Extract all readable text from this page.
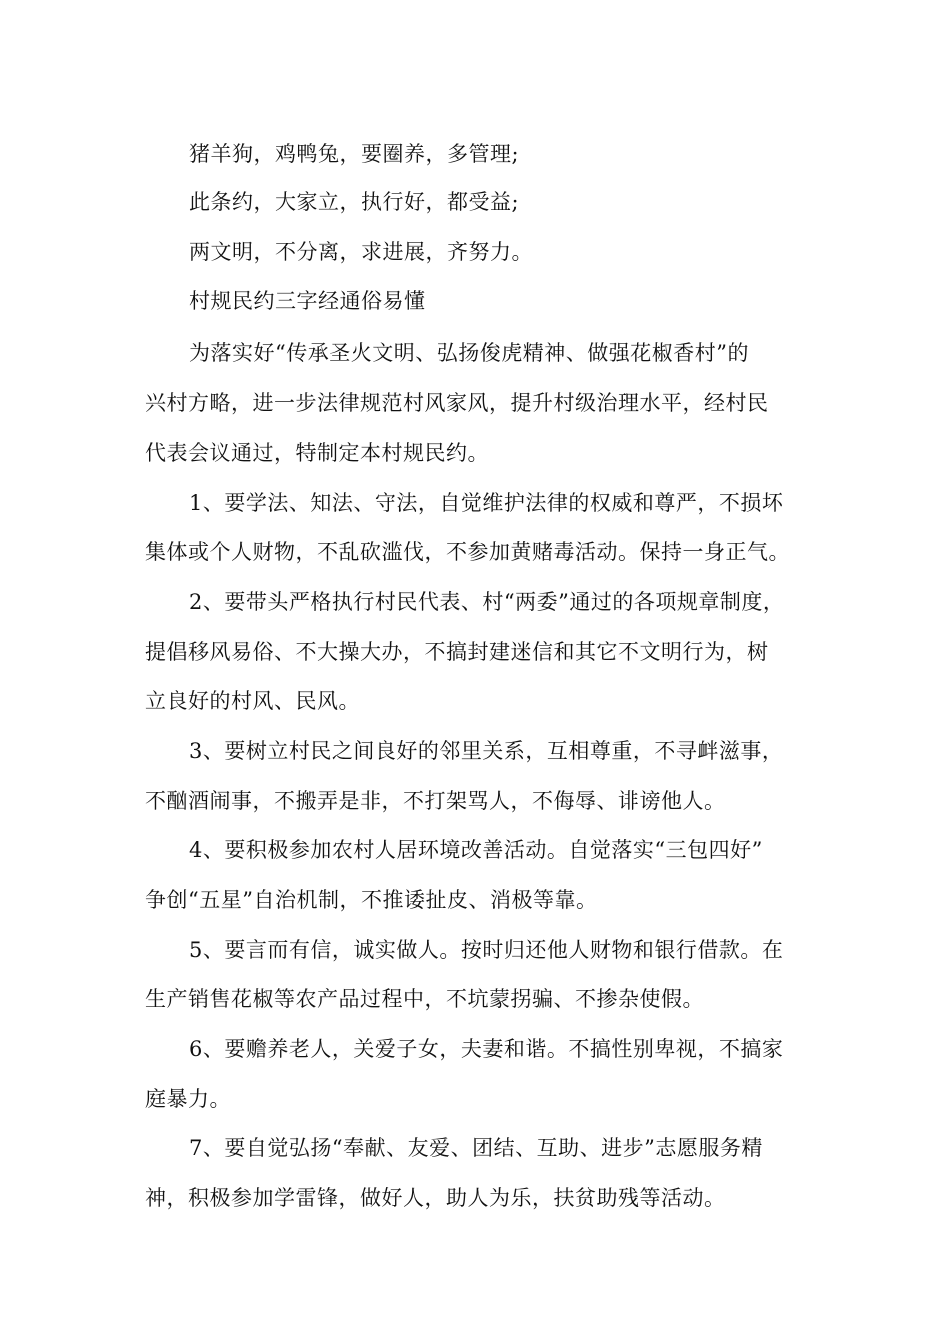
猪羊狗，鸡鸭兔，要圈养，多管理;
此条约，大家立，执行好，都受益;
两文明，不分离，求进展，齐努力。
村规民约三字经通俗易懂
为落实好“传承圣火文明、弘扬俊虎精神、做强花椒香村”的
兴村方略，进一步法律规范村风家风，提升村级治理水平，经村民
代表会议通过，特制定本村规民约。
1、要学法、知法、守法，自觉维护法律的权威和尊严，不损坏
集体或个人财物，不乱砍滥伐，不参加黄赌毒活动。保持一身正气。
2、要带头严格执行村民代表、村“两委”通过的各项规章制度，
提倡移风易俗、不大操大办，不搞封建迷信和其它不文明行为，树
立良好的村风、民风。
3、要树立村民之间良好的邻里关系，互相尊重，不寻衅滋事，
不酗酒闹事，不搬弄是非，不打架骂人，不侮辱、诽谤他人。
4、要积极参加农村人居环境改善活动。自觉落实“三包四好”
争创“五星”自治机制，不推诿扯皮、消极等靠。
5、要言而有信，诚实做人。按时归还他人财物和银行借款。在
生产销售花椒等农产品过程中，不坑蒙拐骗、不掺杂使假。
6、要赡养老人，关爱子女，夫妻和谐。不搞性别卑视，不搞家
庭暴力。
7、要自觉弘扬“奉献、友爱、团结、互助、进步”志愿服务精
神，积极参加学雷锋，做好人，助人为乐，扶贫助残等活动。
